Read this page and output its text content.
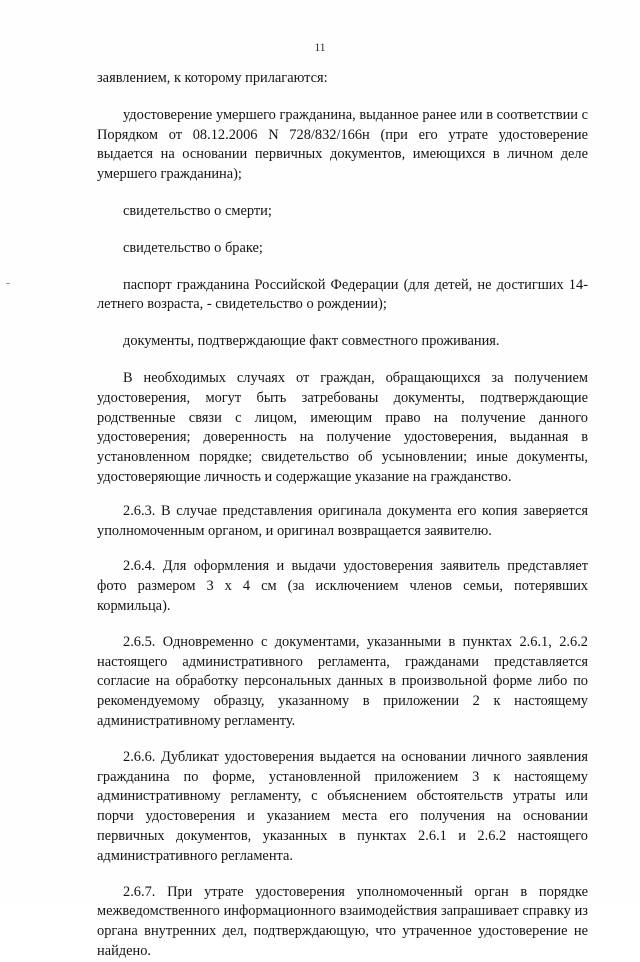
11

заявлением, к которому прилагаются:

удостоверение умершего гражданина, выданное ранее или в соответствии с Порядком от 08.12.2006 N 728/832/166н (при его утрате удостоверение выдается на основании первичных документов, имеющихся в личном деле умершего гражданина);

свидетельство о смерти;

свидетельство о браке;

паспорт гражданина Российской Федерации (для детей, не достигших 14-летнего возраста, - свидетельство о рождении);

документы, подтверждающие факт совместного проживания.

В необходимых случаях от граждан, обращающихся за получением удостоверения, могут быть затребованы документы, подтверждающие родственные связи с лицом, имеющим право на получение данного удостоверения; доверенность на получение удостоверения, выданная в установленном порядке; свидетельство об усыновлении; иные документы, удостоверяющие личность и содержащие указание на гражданство.

2.6.3. В случае представления оригинала документа его копия заверяется уполномоченным органом, и оригинал возвращается заявителю.

2.6.4. Для оформления и выдачи удостоверения заявитель представляет фото размером 3 х 4 см (за исключением членов семьи, потерявших кормильца).

2.6.5. Одновременно с документами, указанными в пунктах 2.6.1, 2.6.2 настоящего административного регламента, гражданами представляется согласие на обработку персональных данных в произвольной форме либо по рекомендуемому образцу, указанному в приложении 2 к настоящему административному регламенту.

2.6.6. Дубликат удостоверения выдается на основании личного заявления гражданина по форме, установленной приложением 3 к настоящему административному регламенту, с объяснением обстоятельств утраты или порчи удостоверения и указанием места его получения на основании первичных документов, указанных в пунктах 2.6.1 и 2.6.2 настоящего административного регламента.

2.6.7. При утрате удостоверения уполномоченный орган в порядке межведомственного информационного взаимодействия запрашивает справку из органа внутренних дел, подтверждающую, что утраченное удостоверение не найдено.
